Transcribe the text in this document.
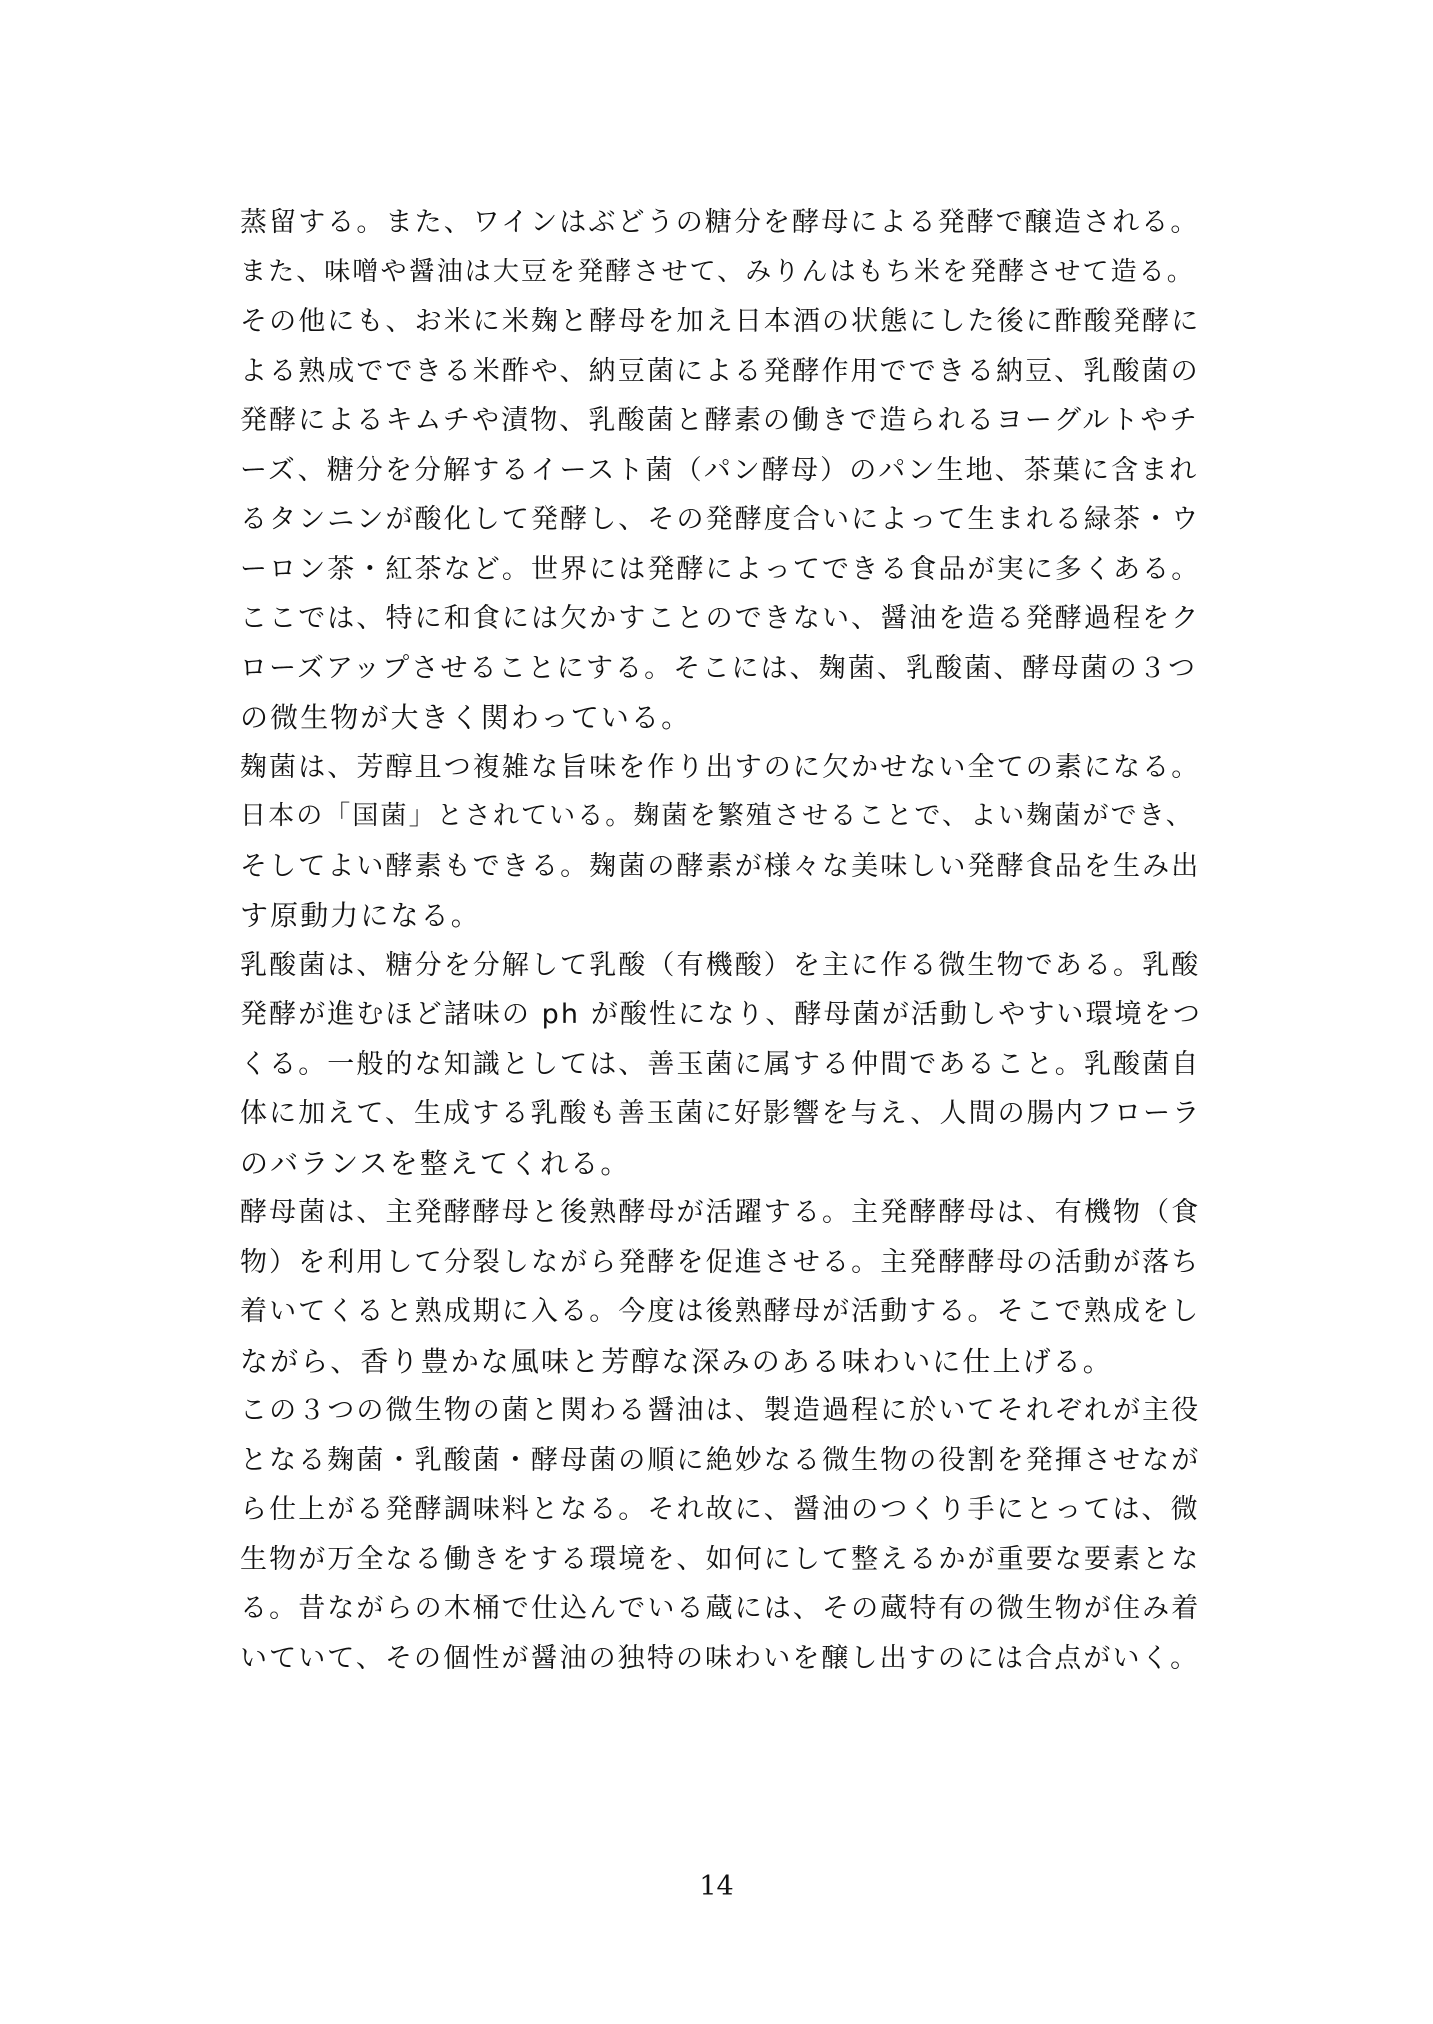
蒸留する。また、ワインはぶどうの糖分を酵母による発酵で醸造される。
また、味噌や醤油は大豆を発酵させて、みりんはもち米を発酵させて造る。
その他にも、お米に米麹と酵母を加え日本酒の状態にした後に酢酸発酵に
よる熟成でできる米酢や、納豆菌による発酵作用でできる納豆、乳酸菌の
発酵によるキムチや漬物、乳酸菌と酵素の働きで造られるヨーグルトやチ
ーズ、糖分を分解するイースト菌（パン酵母）のパン生地、茶葉に含まれ
るタンニンが酸化して発酵し、その発酵度合いによって生まれる緑茶・ウ
ーロン茶・紅茶など。世界には発酵によってできる食品が実に多くある。
ここでは、特に和食には欠かすことのできない、醤油を造る発酵過程をク
ローズアップさせることにする。そこには、麹菌、乳酸菌、酵母菌の３つ
の微生物が大きく関わっている。
麹菌は、芳醇且つ複雑な旨味を作り出すのに欠かせない全ての素になる。
日本の「国菌」とされている。麹菌を繁殖させることで、よい麹菌ができ、
そしてよい酵素もできる。麹菌の酵素が様々な美味しい発酵食品を生み出
す原動力になる。
乳酸菌は、糖分を分解して乳酸（有機酸）を主に作る微生物である。乳酸
発酵が進むほど諸味の ph が酸性になり、酵母菌が活動しやすい環境をつ
くる。一般的な知識としては、善玉菌に属する仲間であること。乳酸菌自
体に加えて、生成する乳酸も善玉菌に好影響を与え、人間の腸内フローラ
のバランスを整えてくれる。
酵母菌は、主発酵酵母と後熟酵母が活躍する。主発酵酵母は、有機物（食
物）を利用して分裂しながら発酵を促進させる。主発酵酵母の活動が落ち
着いてくると熟成期に入る。今度は後熟酵母が活動する。そこで熟成をし
ながら、香り豊かな風味と芳醇な深みのある味わいに仕上げる。
この３つの微生物の菌と関わる醤油は、製造過程に於いてそれぞれが主役
となる麹菌・乳酸菌・酵母菌の順に絶妙なる微生物の役割を発揮させなが
ら仕上がる発酵調味料となる。それ故に、醤油のつくり手にとっては、微
生物が万全なる働きをする環境を、如何にして整えるかが重要な要素とな
る。昔ながらの木桶で仕込んでいる蔵には、その蔵特有の微生物が住み着
いていて、その個性が醤油の独特の味わいを醸し出すのには合点がいく。
14
